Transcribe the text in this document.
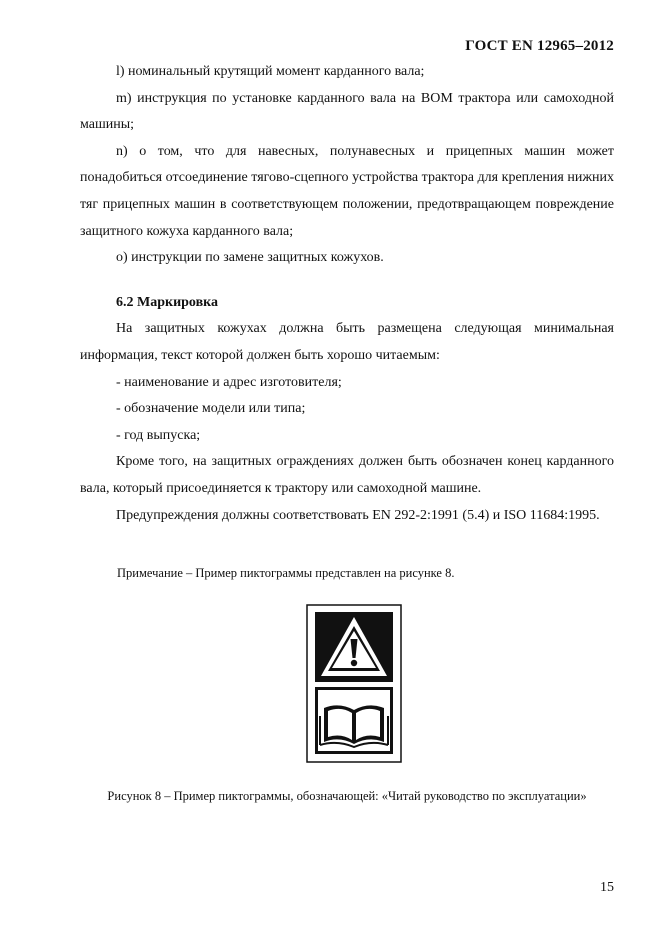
ГОСТ EN 12965–2012

l) номинальный крутящий момент карданного вала;

m) инструкция по установке карданного вала на ВОМ трактора или самоходной машины;

n) о том, что для навесных, полунавесных и прицепных машин может понадобиться отсоединение тягово-сцепного устройства трактора для крепления нижних тяг прицепных машин в соответствующем положении, предотвращающем повреждение защитного кожуха карданного вала;

o) инструкции по замене защитных кожухов.

6.2 Маркировка

На защитных кожухах должна быть размещена следующая минимальная информация, текст которой должен быть хорошо читаемым:

- наименование и адрес изготовителя;
- обозначение модели или типа;
- год выпуска;

Кроме того, на защитных ограждениях должен быть обозначен конец карданного вала, который присоединяется к трактору или самоходной машине.

Предупреждения должны соответствовать EN 292-2:1991 (5.4) и ISO 11684:1995.

Примечание – Пример пиктограммы представлен на рисунке 8.
Рисунок 8 – Пример пиктограммы, обозначающей: «Читай руководство по эксплуатации»
15
